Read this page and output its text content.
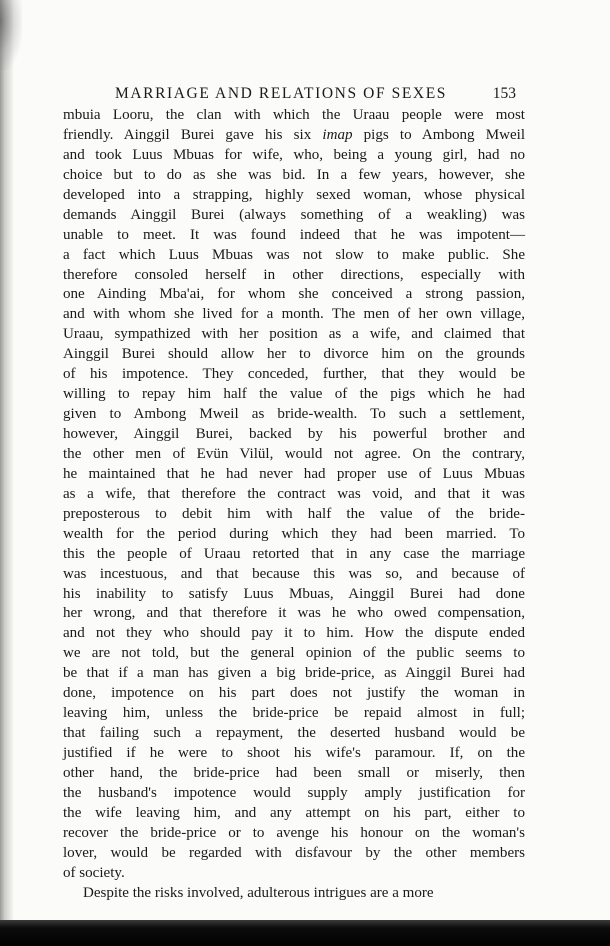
MARRIAGE AND RELATIONS OF SEXES	153
mbuia Looru, the clan with which the Uraau people were most
friendly. Ainggil Burei gave his six imap pigs to Ambong Mweil
and took Luus Mbuas for wife, who, being a young girl, had no
choice but to do as she was bid. In a few years, however, she
developed into a strapping, highly sexed woman, whose physical
demands Ainggil Burei (always something of a weakling) was
unable to meet. It was found indeed that he was impotent—
a fact which Luus Mbuas was not slow to make public. She
therefore consoled herself in other directions, especially with
one Ainding Mba'ai, for whom she conceived a strong passion,
and with whom she lived for a month. The men of her own village,
Uraau, sympathized with her position as a wife, and claimed that
Ainggil Burei should allow her to divorce him on the grounds
of his impotence. They conceded, further, that they would be
willing to repay him half the value of the pigs which he had
given to Ambong Mweil as bride-wealth. To such a settlement,
however, Ainggil Burei, backed by his powerful brother and
the other men of Evün Vilül, would not agree. On the contrary,
he maintained that he had never had proper use of Luus Mbuas
as a wife, that therefore the contract was void, and that it was
preposterous to debit him with half the value of the bride-
wealth for the period during which they had been married. To
this the people of Uraau retorted that in any case the marriage
was incestuous, and that because this was so, and because of
his inability to satisfy Luus Mbuas, Ainggil Burei had done
her wrong, and that therefore it was he who owed compensation,
and not they who should pay it to him. How the dispute ended
we are not told, but the general opinion of the public seems to
be that if a man has given a big bride-price, as Ainggil Burei had
done, impotence on his part does not justify the woman in
leaving him, unless the bride-price be repaid almost in full;
that failing such a repayment, the deserted husband would be
justified if he were to shoot his wife's paramour. If, on the
other hand, the bride-price had been small or miserly, then
the husband's impotence would supply amply justification for
the wife leaving him, and any attempt on his part, either to
recover the bride-price or to avenge his honour on the woman's
lover, would be regarded with disfavour by the other members
of society.
Despite the risks involved, adulterous intrigues are a more
